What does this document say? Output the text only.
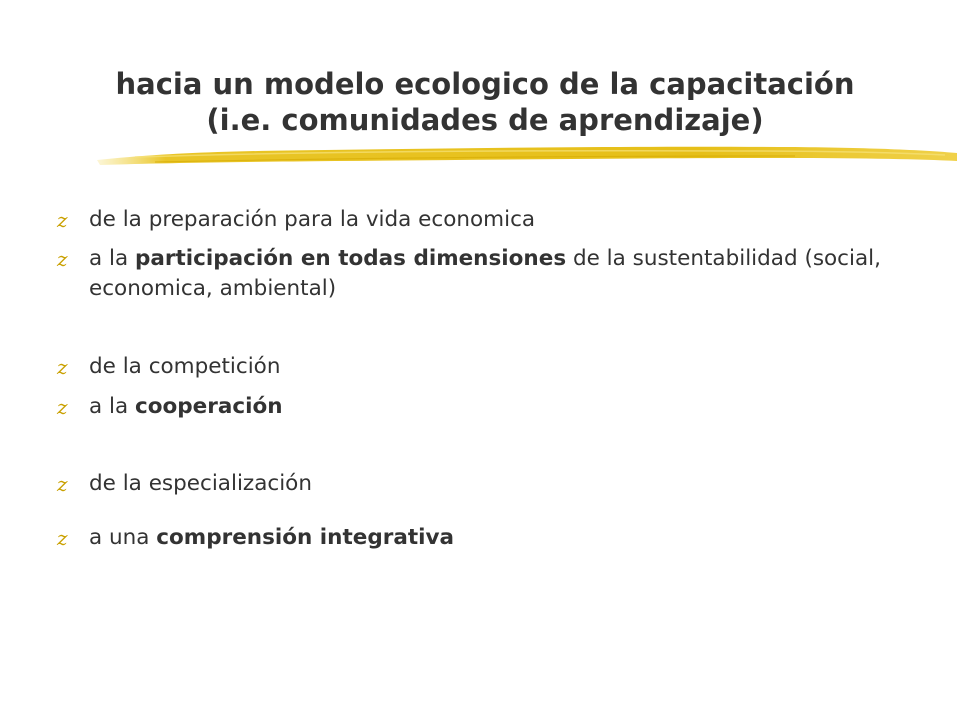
hacia un modelo ecologico de la capacitación
(i.e. comunidades de aprendizaje)
z de la preparación para la vida economica
z a la participación en todas dimensiones de la sustentabilidad (social, economica, ambiental)
z de la competición
z a la cooperación
z de la especialización
z a una comprensión integrativa
